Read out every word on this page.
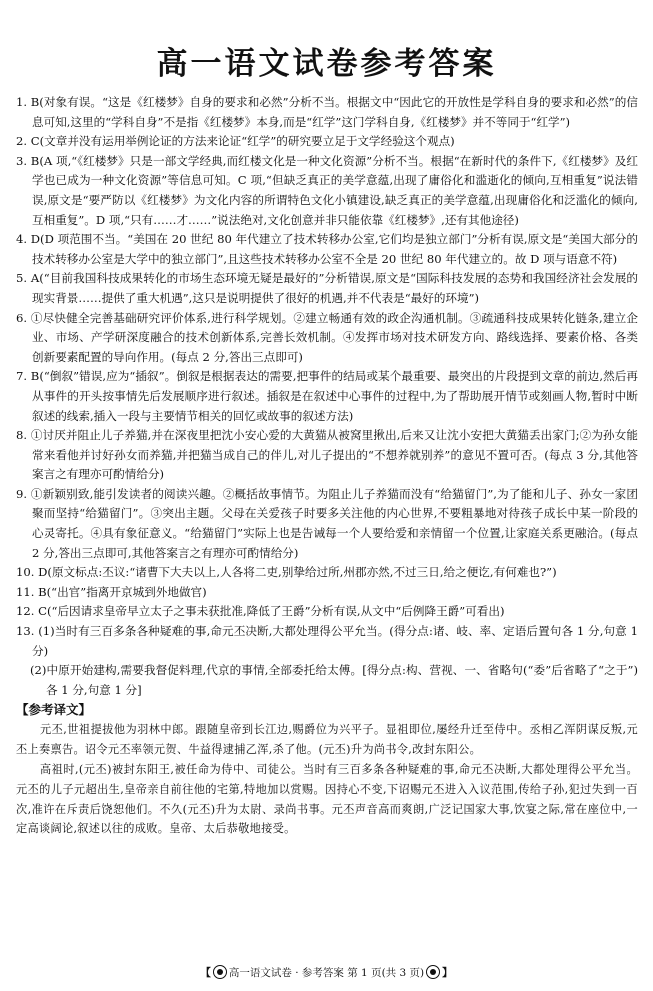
高一语文试卷参考答案

1. B(对象有误。“这是《红楼梦》自身的要求和必然”分析不当。根据文中“因此它的开放性是学科自身的要求和必然”的信息可知,这里的“学科自身”不是指《红楼梦》本身,而是“红学”这门学科自身,《红楼梦》并不等同于“红学”)

2. C(文章并没有运用举例论证的方法来论证“红学”的研究要立足于文学经验这个观点)

3. B(A 项,“《红楼梦》只是一部文学经典,而红楼文化是一种文化资源”分析不当。根据“在新时代的条件下,《红楼梦》及红学也已成为一种文化资源”等信息可知。C 项,“但缺乏真正的美学意蕴,出现了庸俗化和滥逝化的倾向,互相重复”说法错误,原文是“要严防以《红楼梦》为文化内容的所谓特色文化小镇建设,缺乏真正的美学意蕴,出现庸俗化和泛滥化的倾向,互相重复”。D 项,“只有……才……”说法绝对,文化创意并非只能依靠《红楼梦》,还有其他途径)

4. D(D 项范围不当。“美国在 20 世纪 80 年代建立了技术转移办公室,它们均是独立部门”分析有误,原文是“美国大部分的技术转移办公室是大学中的独立部门”,且这些技术转移办公室不全是 20 世纪 80 年代建立的。故 D 项与语意不符)

5. A(“目前我国科技成果转化的市场生态环境无疑是最好的”分析错误,原文是“国际科技发展的态势和我国经济社会发展的现实背景……提供了重大机遇”,这只是说明提供了很好的机遇,并不代表是“最好的环境”)

6. ①尽快健全完善基础研究评价体系,进行科学规划。②建立畅通有效的政企沟通机制。③疏通科技成果转化链条,建立企业、市场、产学研深度融合的技术创新体系,完善长效机制。④发挥市场对技术研发方向、路线选择、要素价格、各类创新要素配置的导向作用。(每点 2 分,答出三点即可)

7. B(“倒叙”错误,应为“插叙”。倒叙是根据表达的需要,把事件的结局或某个最重要、最突出的片段提到文章的前边,然后再从事件的开头按事情先后发展顺序进行叙述。插叙是在叙述中心事件的过程中,为了帮助展开情节或刻画人物,暂时中断叙述的线索,插入一段与主要情节相关的回忆或故事的叙述方法)

8. ①讨厌并阻止儿子养猫,并在深夜里把沈小安心爱的大黄猫从被窝里揪出,后来又让沈小安把大黄猫丢出家门;②为孙女能常来看他并讨好孙女而养猫,并把猫当成自己的伴儿,对儿子提出的“不想养就别养”的意见不置可否。(每点 3 分,其他答案言之有理亦可酌情给分)

9. ①新颖别致,能引发读者的阅读兴趣。②概括故事情节。为阻止儿子养猫而没有“给猫留门”,为了能和儿子、孙女一家团聚而坚持“给猫留门”。③突出主题。父母在关爱孩子时要多关注他的内心世界,不要粗暴地对待孩子成长中某一阶段的心灵寄托。④具有象征意义。“给猫留门”实际上也是告诫每一个人要给爱和亲情留一个位置,让家庭关系更融洽。(每点 2 分,答出三点即可,其他答案言之有理亦可酌情给分)

10. D(原文标点:丕议:“诸曹下大夫以上,人各将二吏,别挚给过所,州郡亦然,不过三日,给之便讫,有何难也?”)

11. B(“出官”指离开京城到外地做官)

12. C(“后因请求皇帝早立太子之事未获批准,降低了王爵”分析有误,从文中“后例降王爵”可看出)

13. (1)当时有三百多条各种疑难的事,命元丕决断,大都处理得公平允当。(得分点:诸、岐、率、定语后置句各 1 分,句意 1 分)

(2)中原开始建构,需要我督促料理,代京的事情,全部委托给太傅。[得分点:构、营视、一、省略句(“委”后省略了“之于”)各 1 分,句意 1 分]

【参考译文】

元丕,世祖提拔他为羽林中郎。跟随皇帝到长江边,赐爵位为兴平子。显祖即位,屡经升迁至侍中。丞相乙浑阴谋反叛,元丕上奏禀告。诏令元丕率领元贺、牛益得逮捕乙浑,杀了他。(元丕)升为尚书令,改封东阳公。

高祖时,(元丕)被封东阳王,被任命为侍中、司徒公。当时有三百多条各种疑难的事,命元丕决断,大都处理得公平允当。元丕的儿子元超出生,皇帝亲自前往他的宅第,特地加以赏赐。因持心不变,下诏赐元丕进入入议范围,传给子孙,犯过失到一百次,准许在斥责后饶恕他们。不久(元丕)升为太尉、录尚书事。元丕声音高而爽朗,广泛记国家大事,饮宴之际,常在座位中,一定高谈阔论,叙述以往的成败。皇帝、太后恭敬地接受。

【 ○ 高一语文试卷 · 参考答案 第 1 页(共 3 页) ○ 】
